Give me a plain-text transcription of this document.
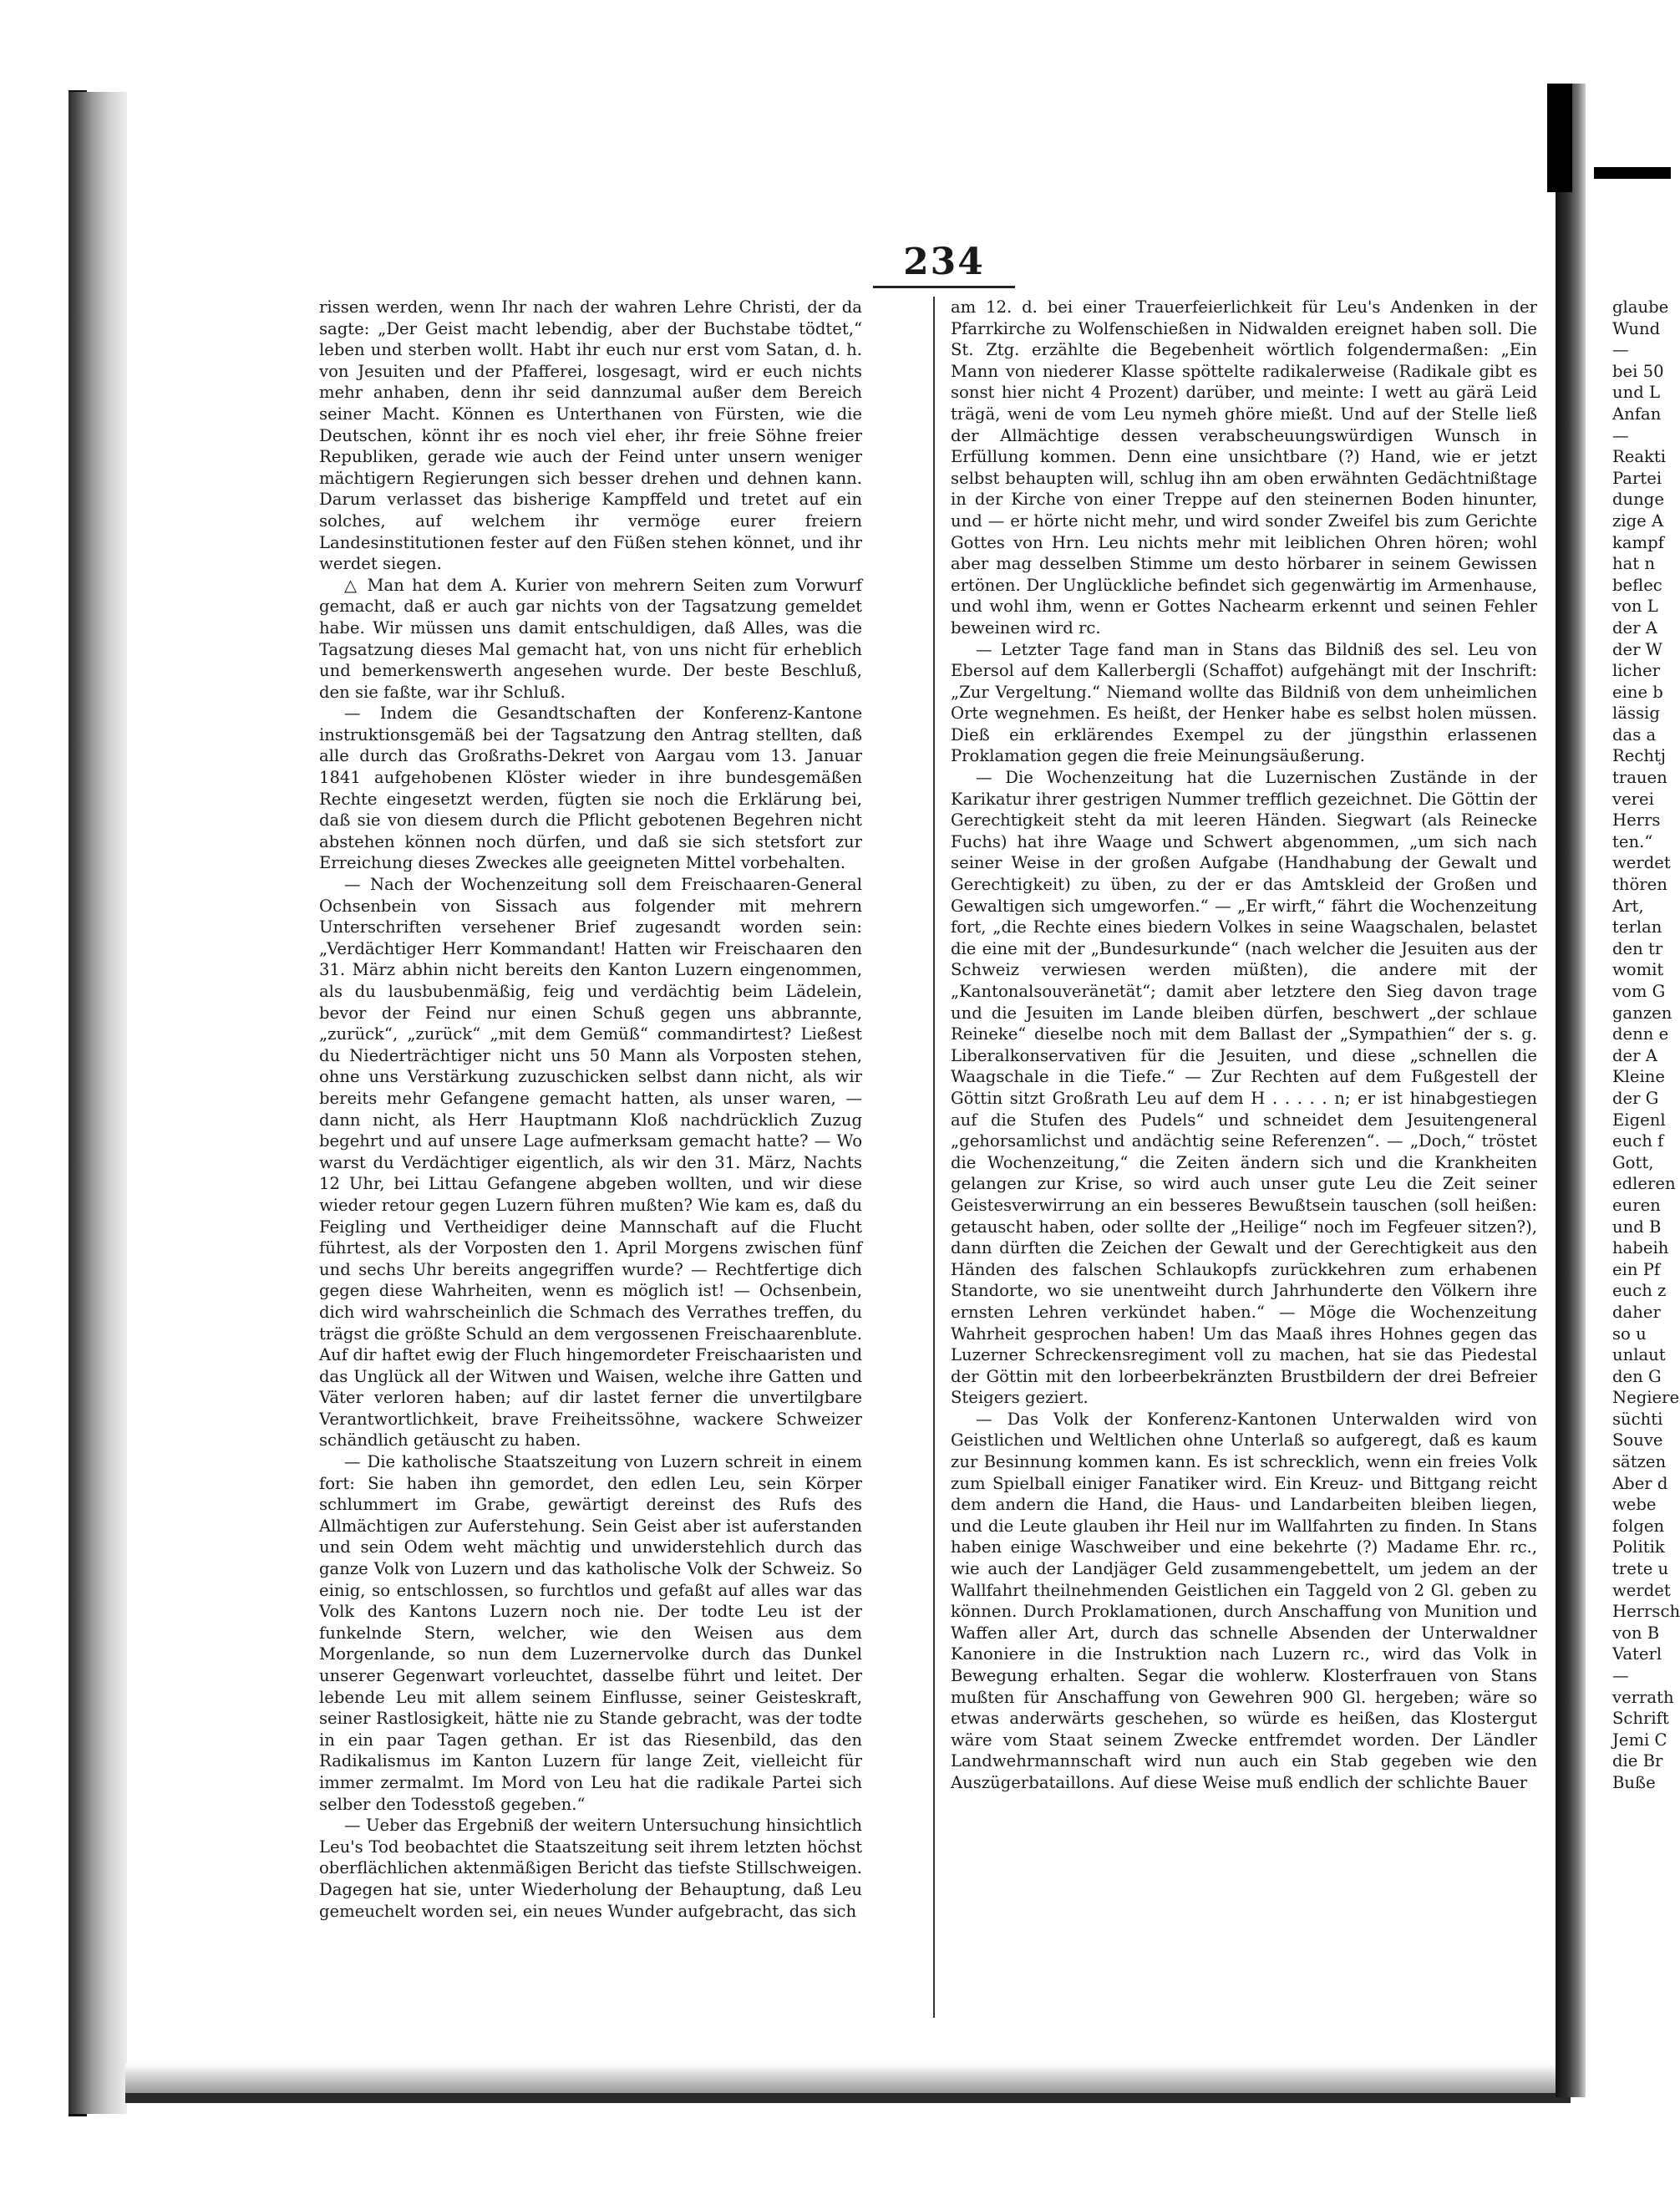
234

rissen werden, wenn Ihr nach der wahren Lehre Christi, der da sagte: „Der Geist macht lebendig, aber der Buchstabe tödtet,“ leben und sterben wollt. Habt ihr euch nur erst vom Satan, d. h. von Jesuiten und der Pfafferei, losgesagt, wird er euch nichts mehr anhaben, denn ihr seid dannzumal außer dem Bereich seiner Macht. Können es Unterthanen von Fürsten, wie die Deutschen, könnt ihr es noch viel eher, ihr freie Söhne freier Republiken, gerade wie auch der Feind unter unsern weniger mächtigern Regierungen sich besser drehen und dehnen kann. Darum verlasset das bisherige Kampffeld und tretet auf ein solches, auf welchem ihr vermöge eurer freiern Landesinstitutionen fester auf den Füßen stehen könnet, und ihr werdet siegen.

△ Man hat dem A. Kurier von mehrern Seiten zum Vorwurf gemacht, daß er auch gar nichts von der Tagsatzung gemeldet habe. Wir müssen uns damit entschuldigen, daß Alles, was die Tagsatzung dieses Mal gemacht hat, von uns nicht für erheblich und bemerkenswerth angesehen wurde. Der beste Beschluß, den sie faßte, war ihr Schluß.

— Indem die Gesandtschaften der Konferenz-Kantone instruktionsgemäß bei der Tagsatzung den Antrag stellten, daß alle durch das Großraths-Dekret von Aargau vom 13. Januar 1841 aufgehobenen Klöster wieder in ihre bundesgemäßen Rechte eingesetzt werden, fügten sie noch die Erklärung bei, daß sie von diesem durch die Pflicht gebotenen Begehren nicht abstehen können noch dürfen, und daß sie sich stetsfort zur Erreichung dieses Zweckes alle geeigneten Mittel vorbehalten.

— Nach der Wochenzeitung soll dem Freischaaren-General Ochsenbein von Sissach aus folgender mit mehrern Unterschriften versehener Brief zugesandt worden sein: „Verdächtiger Herr Kommandant! Hatten wir Freischaaren den 31. März abhin nicht bereits den Kanton Luzern eingenommen, als du lausbubenmäßig, feig und verdächtig beim Lädelein, bevor der Feind nur einen Schuß gegen uns abbrannte, „zurück“, „zurück“ „mit dem Gemüß“ commandirtest? Ließest du Niederträchtiger nicht uns 50 Mann als Vorposten stehen, ohne uns Verstärkung zuzuschicken selbst dann nicht, als wir bereits mehr Gefangene gemacht hatten, als unser waren, — dann nicht, als Herr Hauptmann Kloß nachdrücklich Zuzug begehrt und auf unsere Lage aufmerksam gemacht hatte? — Wo warst du Verdächtiger eigentlich, als wir den 31. März, Nachts 12 Uhr, bei Littau Gefangene abgeben wollten, und wir diese wieder retour gegen Luzern führen mußten? Wie kam es, daß du Feigling und Vertheidiger deine Mannschaft auf die Flucht führtest, als der Vorposten den 1. April Morgens zwischen fünf und sechs Uhr bereits angegriffen wurde? — Rechtfertige dich gegen diese Wahrheiten, wenn es möglich ist! — Ochsenbein, dich wird wahrscheinlich die Schmach des Verrathes treffen, du trägst die größte Schuld an dem vergossenen Freischaarenblute. Auf dir haftet ewig der Fluch hingemordeter Freischaaristen und das Unglück all der Witwen und Waisen, welche ihre Gatten und Väter verloren haben; auf dir lastet ferner die unvertilgbare Verantwortlichkeit, brave Freiheitssöhne, wackere Schweizer schändlich getäuscht zu haben.

— Die katholische Staatszeitung von Luzern schreit in einem fort: Sie haben ihn gemordet, den edlen Leu, sein Körper schlummert im Grabe, gewärtigt dereinst des Rufs des Allmächtigen zur Auferstehung. Sein Geist aber ist auferstanden und sein Odem weht mächtig und unwiderstehlich durch das ganze Volk von Luzern und das katholische Volk der Schweiz. So einig, so entschlossen, so furchtlos und gefaßt auf alles war das Volk des Kantons Luzern noch nie. Der todte Leu ist der funkelnde Stern, welcher, wie den Weisen aus dem Morgenlande, so nun dem Luzernervolke durch das Dunkel unserer Gegenwart vorleuchtet, dasselbe führt und leitet. Der lebende Leu mit allem seinem Einflusse, seiner Geisteskraft, seiner Rastlosigkeit, hätte nie zu Stande gebracht, was der todte in ein paar Tagen gethan. Er ist das Riesenbild, das den Radikalismus im Kanton Luzern für lange Zeit, vielleicht für immer zermalmt. Im Mord von Leu hat die radikale Partei sich selber den Todesstoß gegeben.“

— Ueber das Ergebniß der weitern Untersuchung hinsichtlich Leu's Tod beobachtet die Staatszeitung seit ihrem letzten höchst oberflächlichen aktenmäßigen Bericht das tiefste Stillschweigen. Dagegen hat sie, unter Wiederholung der Behauptung, daß Leu gemeuchelt worden sei, ein neues Wunder aufgebracht, das sich

am 12. d. bei einer Trauerfeierlichkeit für Leu's Andenken in der Pfarrkirche zu Wolfenschießen in Nidwalden ereignet haben soll. Die St. Ztg. erzählte die Begebenheit wörtlich folgendermaßen: „Ein Mann von niederer Klasse spöttelte radikalerweise (Radikale gibt es sonst hier nicht 4 Prozent) darüber, und meinte: I wett au gärä Leid trägä, weni de vom Leu nymeh ghöre mießt. Und auf der Stelle ließ der Allmächtige dessen verabscheuungswürdigen Wunsch in Erfüllung kommen. Denn eine unsichtbare (?) Hand, wie er jetzt selbst behaupten will, schlug ihn am oben erwähnten Gedächtnißtage in der Kirche von einer Treppe auf den steinernen Boden hinunter, und — er hörte nicht mehr, und wird sonder Zweifel bis zum Gerichte Gottes von Hrn. Leu nichts mehr mit leiblichen Ohren hören; wohl aber mag desselben Stimme um desto hörbarer in seinem Gewissen ertönen. Der Unglückliche befindet sich gegenwärtig im Armenhause, und wohl ihm, wenn er Gottes Nachearm erkennt und seinen Fehler beweinen wird rc.

— Letzter Tage fand man in Stans das Bildniß des sel. Leu von Ebersol auf dem Kallerbergli (Schaffot) aufgehängt mit der Inschrift: „Zur Vergeltung.“ Niemand wollte das Bildniß von dem unheimlichen Orte wegnehmen. Es heißt, der Henker habe es selbst holen müssen. Dieß ein erklärendes Exempel zu der jüngsthin erlassenen Proklamation gegen die freie Meinungsäußerung.

— Die Wochenzeitung hat die Luzernischen Zustände in der Karikatur ihrer gestrigen Nummer trefflich gezeichnet. Die Göttin der Gerechtigkeit steht da mit leeren Händen. Siegwart (als Reinecke Fuchs) hat ihre Waage und Schwert abgenommen, „um sich nach seiner Weise in der großen Aufgabe (Handhabung der Gewalt und Gerechtigkeit) zu üben, zu der er das Amtskleid der Großen und Gewaltigen sich umgeworfen.“ — „Er wirft,“ fährt die Wochenzeitung fort, „die Rechte eines biedern Volkes in seine Waagschalen, belastet die eine mit der „Bundesurkunde“ (nach welcher die Jesuiten aus der Schweiz verwiesen werden müßten), die andere mit der „Kantonalsouveränetät“; damit aber letztere den Sieg davon trage und die Jesuiten im Lande bleiben dürfen, beschwert „der schlaue Reineke“ dieselbe noch mit dem Ballast der „Sympathien“ der s. g. Liberalkonservativen für die Jesuiten, und diese „schnellen die Waagschale in die Tiefe.“ — Zur Rechten auf dem Fußgestell der Göttin sitzt Großrath Leu auf dem H . . . . . n; er ist hinabgestiegen auf die Stufen des Pudels“ und schneidet dem Jesuitengeneral „gehorsamlichst und andächtig seine Referenzen“. — „Doch,“ tröstet die Wochenzeitung,“ die Zeiten ändern sich und die Krankheiten gelangen zur Krise, so wird auch unser gute Leu die Zeit seiner Geistesverwirrung an ein besseres Bewußtsein tauschen (soll heißen: getauscht haben, oder sollte der „Heilige“ noch im Fegfeuer sitzen?), dann dürften die Zeichen der Gewalt und der Gerechtigkeit aus den Händen des falschen Schlaukopfs zurückkehren zum erhabenen Standorte, wo sie unentweiht durch Jahrhunderte den Völkern ihre ernsten Lehren verkündet haben.“ — Möge die Wochenzeitung Wahrheit gesprochen haben! Um das Maaß ihres Hohnes gegen das Luzerner Schreckensregiment voll zu machen, hat sie das Piedestal der Göttin mit den lorbeerbekränzten Brustbildern der drei Befreier Steigers geziert.

— Das Volk der Konferenz-Kantonen Unterwalden wird von Geistlichen und Weltlichen ohne Unterlaß so aufgeregt, daß es kaum zur Besinnung kommen kann. Es ist schrecklich, wenn ein freies Volk zum Spielball einiger Fanatiker wird. Ein Kreuz- und Bittgang reicht dem andern die Hand, die Haus- und Landarbeiten bleiben liegen, und die Leute glauben ihr Heil nur im Wallfahrten zu finden. In Stans haben einige Waschweiber und eine bekehrte (?) Madame Ehr. rc., wie auch der Landjäger Geld zusammengebettelt, um jedem an der Wallfahrt theilnehmenden Geistlichen ein Taggeld von 2 Gl. geben zu können. Durch Proklamationen, durch Anschaffung von Munition und Waffen aller Art, durch das schnelle Absenden der Unterwaldner Kanoniere in die Instruktion nach Luzern rc., wird das Volk in Bewegung erhalten. Segar die wohlerw. Klosterfrauen von Stans mußten für Anschaffung von Gewehren 900 Gl. hergeben; wäre so etwas anderwärts geschehen, so würde es heißen, das Klostergut wäre vom Staat seinem Zwecke entfremdet worden. Der Ländler Landwehrmannschaft wird nun auch ein Stab gegeben wie den Auszügerbataillons. Auf diese Weise muß endlich der schlichte Bauer

glaube
Wund
—
bei 50
und L
Anfan
—
Reakti
Partei
dunge
zige A
kampf
hat n
beflec
von L
der A
der W
licher
eine b
lässig
das a
Rechtj
trauen
verei
Herrs
ten.“
werdet
thören
Art,
terlan
den tr
womit
vom G
ganzen
denn e
der A
Kleine
der G
Eigenl
euch f
Gott,
edleren
euren
und B
habeih
ein Pf
euch z
daher
so u
unlaut
den G
Negiere
süchti
Souve
sätzen
Aber d
webe
folgen
Politik
trete u
werdet
Herrsch
von B
Vaterl
—
verrath
Schrift
Jemi C
die Br
Buße
